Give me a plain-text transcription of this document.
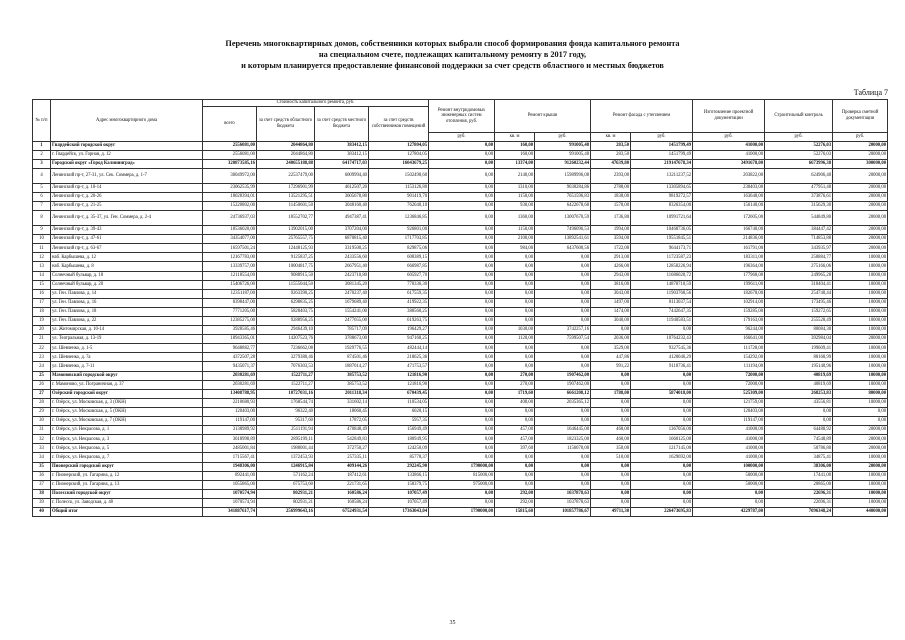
Перечень многоквартирных домов, собственники которых выбрали способ формирования фонда капитального ремонта
на специальном счете, подлежащих капитальному ремонту в 2017 году,
и которым планируется предоставление финансовой поддержки за счет средств областного и местных бюджетов
Таблица 7
№ п/п	Адрес многоквартирного дома	Стоимость капитального ремонта, руб.				Ремонт внутридомовых инженерных систем отопления, руб.	Ремонт крыши		Ремонт фасада с утеплением		Изготовление проектной документации	Строительный контроль	Проверка сметной документации
		всего	за счет средств областного бюджета	за счет средств местного бюджета	за счет средств собственников помещений								
						руб.	кв. м	руб.	кв. м	руб.	руб.	руб.	руб.
1	Гвардейский городской округ	2556081,00	2044864,80	383412,15	127804,05	0,00	160,00	991005,48	283,50	1451799,49	41000,00	52276,03	20000,00
2	г. Гвардейск, ул. Горная, д. 12	2556081,00	2044864,80	383412,15	127804,05	0,00	160,00	991005,48	283,50	1451799,49	41000,00	52276,03	20000,00
3	Городской округ «Город Калининград»	320873585,16	240655188,88	64174717,03	16043679,25	0,00	13374,00	91260232,44	47639,80	219147678,34	3491678,00	6673996,38	300000,00
4	Ленинский пр-т, 27-31, ул. Сек. Соммера, д. 1-7	30049972,00	22537479,00	6009994,40	1502498,60	0,00	2140,00	15989996,08	2393,00	13211237,52	203822,00	624906,40	20000,00
5	Ленинский пр-т, д. 10-14	23062535,99	17296901,99	4612507,20	1153126,80	0,00	1310,00	9030284,86	2788,00	13305894,65	230403,00	477951,48	20000,00
6	Ленинский пр-т, д. 20-26	18028394,01	13521295,51	3605678,80	901419,70	0,00	1150,00	7651596,83	1838,00	9819272,57	163648,00	373876,61	20000,00
7	Ленинский пр-т, д. 21-25	15220802,00	11450601,50	3048160,40	762040,10	0,00	930,00	6422678,68	1578,00	8326354,00	156140,00	315629,30	20000,00
8	Ленинский пр-т, д. 35-37, ул. Ген. Соммера, д. 2-4	24736937,03	18552702,77	4947387,41	1236846,85	0,00	1360,00	13007670,59	1736,80	10991721,64	172605,00	544849,80	20000,00
9	Ленинский пр-т, д. 39-43	18536020,00	13902015,00	3707204,00	926801,00	0,00	1150,00	7496096,53	1994,00	10468736,05	166740,00	384447,42	20000,00
10	Ленинский пр-т, д. 47-61	34354077,00	25765557,75	6870815,40	1717703,85	0,00	2100,00	13892541,61	3594,00	19551845,51	214836,00	714853,88	20000,00
11	Ленинский пр-т, д. 63-67	16597501,24	12448125,93	3319500,25	829875,06	0,00	984,00	6437600,56	1722,00	9644173,71	161791,00	343935,97	20000,00
12	наб. Карбышева, д. 12	12167783,00	9125837,25	2433556,60	608389,15	0,00	0,00	0,00	2913,00	11723587,23	183311,00	250884,77	10000,00
13	наб. Карбышева, д. 8	13339757,00	10004817,75	2667951,40	666987,85	0,00	0,00	0,00	4266,00	12858226,94	196364,00	275166,06	10000,00
14	Солнечный бульвар, д. 18	12118554,00	9088915,50	2423710,80	605927,70	0,00	0,00	0,00	2943,00	11686020,72	177968,00	249965,28	10000,00
15	Солнечный бульвар, д. 20	15406726,00	11555044,50	3081345,20	770336,30	0,00	0,00	0,00	3816,00	14878710,59	199611,00	318404,41	10000,00
16	ул. Ген. Павлова, д. 14	12351187,00	9263390,25	2470237,40	617559,35	0,00	0,00	0,00	3043,00	11903768,56	182678,00	254740,44	10000,00
17	ул. Ген. Павлова, д. 16	8398447,00	6298835,25	1679689,40	419922,35	0,00	0,00	0,00	1497,00	8113037,54	102914,00	173495,46	10000,00
18	ул. Ген. Павлова, д. 18	7771205,00	5828403,75	1554241,00	388560,25	0,00	0,00	0,00	1474,00	7442647,35	159285,00	159272,65	10000,00
19	ул. Ген. Павлова, д. 22	12385275,00	9288956,25	2477055,00	619263,75	0,00	0,00	0,00	3040,00	11940583,51	179163,00	255528,49	10000,00
20	ул. Житомирская, д. 10-14	3928585,46	2946439,10	785717,09	196429,27	0,00	1030,00	3742257,16	0,00	0,00	96244,00	80084,30	10000,00
21	ул. Театральная, д. 13-19	18943365,01	14207523,76	3788673,00	947168,25	0,00	1120,00	7599507,54	2036,00	10764232,43	166641,00	392984,04	20000,00
22	ул. Шевченко, д. 1-5	9648882,77	7236662,08	1929776,55	482444,14	0,00	0,00	0,00	3529,00	9327545,36	111728,00	199609,41	10000,00
23	ул. Шевченко, д. 7а	4372507,28	3279380,46	874501,46	218625,36	0,00	0,00	0,00	447,86	4120046,29	154292,00	88168,99	10000,00
24	ул. Шевченко, д. 7-11	9435071,37	7076303,53	1887014,27	471753,57	0,00	0,00	0,00	991,22	9118736,41	111194,00	195140,96	10000,00
25	Мамоновский городской округ	2030281,69	1522711,27	385753,52	121816,90	0,00	270,00	1907462,00	0,00	0,00	72000,00	40819,69	10000,00
26	г. Мамоново, ул. Пограничная, д. 37	2030281,69	1522711,27	385753,52	121816,90	0,00	270,00	1907462,00	0,00	0,00	72000,00	40819,69	10000,00
27	Озёрский городской округ	13408788,95	10727031,16	2011318,34	670439,45	0,00	1719,60	6661208,12	1788,00	5874018,00	525309,00	268253,83	80000,00
28	г. Озёрск, ул. Московская, д. 3 (ОКН)	2210680,93	1768544,74	331602,14	110534,05	0,00	408,00	2035365,12	0,00	0,00	121759,00	43556,81	10000,00
29	г. Озёрск, ул. Московская, д. 5 (ОКН)	120403,00	96322,40	18060,45	6020,15	0,00	0,00	0,00	0,00	0,00	120403,00	0,00	0,00
30	г. Озёрск, ул. Московская, д. 7 (ОКН)	119147,00	95317,60	17872,05	5957,35	0,00	0,00	0,00	0,00	0,00	119147,00	0,00	0,00
31	г. Озёрск, ул. Некрасова, д. 1	3138989,92	2511191,94	470848,49	156949,49	0,00	457,00	1646445,00	468,00	1367056,00	41000,00	64488,92	20000,00
32	г. Озёрск, ул. Некрасова, д. 3	3618998,89	2895199,11	542849,83	180949,95	0,00	457,00	1823325,00	460,00	1660125,00	41000,00	74548,89	20000,00
33	г. Озёрск, ул. Некрасова, д. 5	2485001,84	1988001,44	372750,27	124250,09	0,00	397,60	1156070,00	350,00	1217145,00	41000,00	50786,80	20000,00
34	г. Озёрск, ул. Некрасова, д. 7	1715567,41	1372453,93	257335,11	85778,37	0,00	0,00	0,00	510,00	1629692,00	41000,00	34875,41	10000,00
35	Пионерский городской округ	1948306,00	1246915,84	409144,26	292245,90	1790000,00	0,00	0,00	0,00	0,00	100000,00	38306,00	20000,00
36	г. Пионерский, ул. Гагарина, д. 12	892441,00	571162,24	187412,61	133866,15	815000,00	0,00	0,00	0,00	0,00	50000,00	17441,00	10000,00
37	г. Пионерский, ул. Гагарина, д. 13	1055865,00	675753,60	221731,65	158379,75	975000,00	0,00	0,00	0,00	0,00	50000,00	20865,00	10000,00
38	Полесский городской округ	1070574,94	802931,21	160586,24	107057,49	0,00	292,00	1037878,63	0,00	0,00	0,00	22696,31	10000,00
39	г. Полесск, ул. Заводская, д. 48	1070574,94	802931,21	160586,24	107057,49	0,00	292,00	1037878,63	0,00	0,00	0,00	22696,31	10000,00
40	Общий итог	341887617,74	256999643,16	67524931,54	17363043,04	1790000,00	15815,60	101857786,67	49711,30	226473695,83	4229787,00	7096348,24	440000,00
35
